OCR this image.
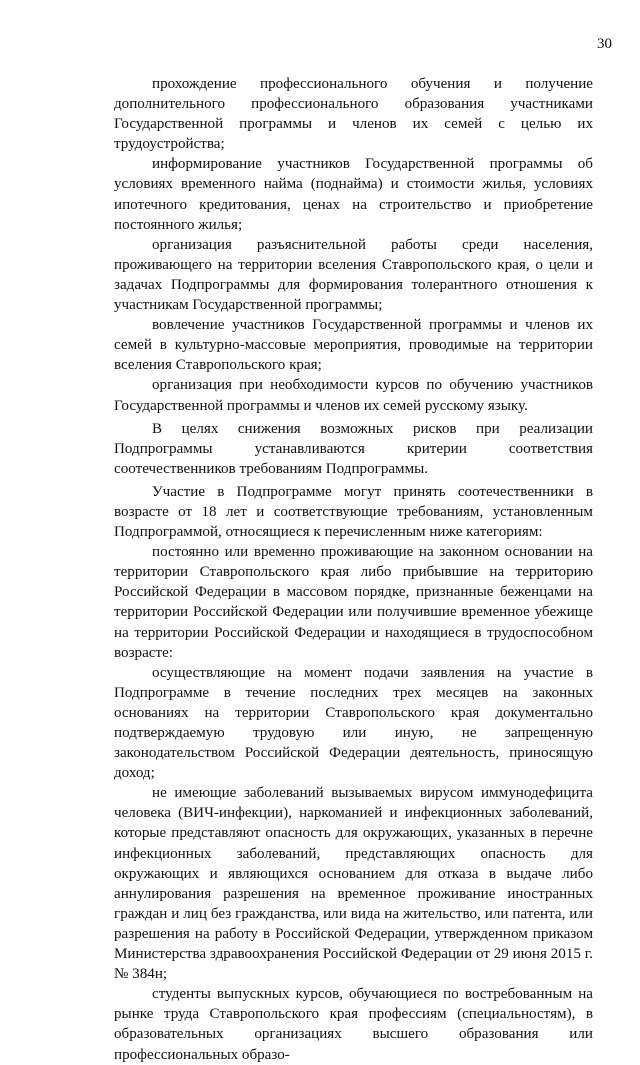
30

прохождение профессионального обучения и получение дополнительного профессионального образования участниками Государственной программы и членов их семей с целью их трудоустройства;

информирование участников Государственной программы об условиях временного найма (поднайма) и стоимости жилья, условиях ипотечного кредитования, ценах на строительство и приобретение постоянного жилья;

организация разъяснительной работы среди населения, проживающего на территории вселения Ставропольского края, о цели и задачах Подпрограммы для формирования толерантного отношения к участникам Государственной программы;

вовлечение участников Государственной программы и членов их семей в культурно-массовые мероприятия, проводимые на территории вселения Ставропольского края;

организация при необходимости курсов по обучению участников Государственной программы и членов их семей русскому языку.

В целях снижения возможных рисков при реализации Подпрограммы устанавливаются критерии соответствия соотечественников требованиям Подпрограммы.

Участие в Подпрограмме могут принять соотечественники в возрасте от 18 лет и соответствующие требованиям, установленным Подпрограммой, относящиеся к перечисленным ниже категориям:

постоянно или временно проживающие на законном основании на территории Ставропольского края либо прибывшие на территорию Российской Федерации в массовом порядке, признанные беженцами на территории Российской Федерации или получившие временное убежище на территории Российской Федерации и находящиеся в трудоспособном возрасте:

осуществляющие на момент подачи заявления на участие в Подпрограмме в течение последних трех месяцев на законных основаниях на территории Ставропольского края документально подтверждаемую трудовую или иную, не запрещенную законодательством Российской Федерации деятельность, приносящую доход;

не имеющие заболеваний вызываемых вирусом иммунодефицита человека (ВИЧ-инфекции), наркоманией и инфекционных заболеваний, которые представляют опасность для окружающих, указанных в перечне инфекционных заболеваний, представляющих опасность для окружающих и являющихся основанием для отказа в выдаче либо аннулирования разрешения на временное проживание иностранных граждан и лиц без гражданства, или вида на жительство, или патента, или разрешения на работу в Российской Федерации, утвержденном приказом Министерства здравоохранения Российской Федерации от 29 июня 2015 г. № 384н;

студенты выпускных курсов, обучающиеся по востребованным на рынке труда Ставропольского края профессиям (специальностям), в образовательных организациях высшего образования или профессиональных образо-
